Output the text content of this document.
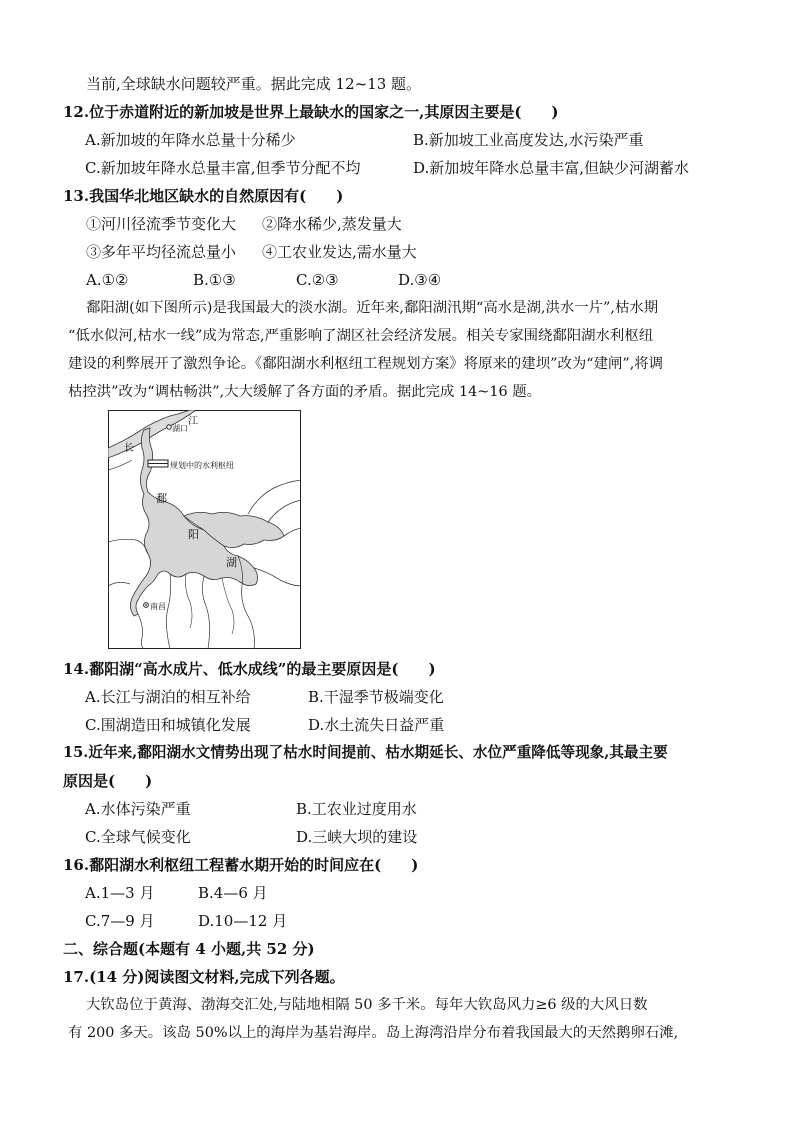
当前,全球缺水问题较严重。据此完成 12~13 题。
12.位于赤道附近的新加坡是世界上最缺水的国家之一,其原因主要是(　　)
A.新加坡的年降水总量十分稀少	B.新加坡工业高度发达,水污染严重
C.新加坡年降水总量丰富,但季节分配不均	D.新加坡年降水总量丰富,但缺少河湖蓄水
13.我国华北地区缺水的自然原因有(　　)
①河川径流季节变化大 ②降水稀少,蒸发量大
③多年平均径流总量小 ④工农业发达,需水量大
A.①②	B.①③	C.②③	D.③④
鄱阳湖(如下图所示)是我国最大的淡水湖。近年来,鄱阳湖汛期“高水是湖,洪水一片”,枯水期
“低水似河,枯水一线”成为常态,严重影响了湖区社会经济发展。相关专家围绕鄱阳湖水利枢纽
建设的利弊展开了激烈争论。《鄱阳湖水利枢纽工程规划方案》将原来的建坝”改为“建闸”,将调
枯控洪”改为“调枯畅洪”,大大缓解了各方面的矛盾。据此完成 14~16 题。
江
湖口
长
规划中的水利枢纽
鄱
阳
湖
南昌
14.鄱阳湖“高水成片、低水成线”的最主要原因是(　　)
A.长江与湖泊的相互补给	B.干湿季节极端变化
C.围湖造田和城镇化发展	D.水土流失日益严重
15.近年来,鄱阳湖水文情势出现了枯水时间提前、枯水期延长、水位严重降低等现象,其最主要
原因是(　　)
A.水体污染严重	B.工农业过度用水
C.全球气候变化	D.三峡大坝的建设
16.鄱阳湖水利枢纽工程蓄水期开始的时间应在(　　)
A.1—3 月	B.4—6 月
C.7—9 月	D.10—12 月
二、综合题(本题有 4 小题,共 52 分)
17.(14 分)阅读图文材料,完成下列各题。
大钦岛位于黄海、渤海交汇处,与陆地相隔 50 多千米。每年大钦岛风力≥6 级的大风日数
有 200 多天。该岛 50%以上的海岸为基岩海岸。岛上海湾沿岸分布着我国最大的天然鹅卵石滩,
